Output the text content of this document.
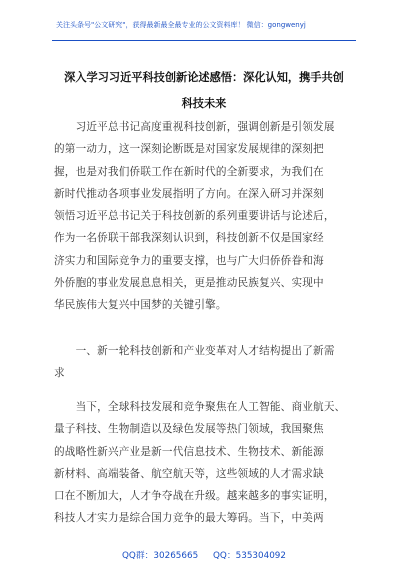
关注头条号"公文研究"，获得最新最全最专业的公文资料库！ 微信：gongwenyj
深入学习习近平科技创新论述感悟：深化认知，携手共创
科技未来
　　习近平总书记高度重视科技创新，强调创新是引领发展
的第一动力，这一深刻论断既是对国家发展规律的深刻把
握，也是对我们侨联工作在新时代的全新要求，为我们在
新时代推动各项事业发展指明了方向。在深入研习并深刻
领悟习近平总书记关于科技创新的系列重要讲话与论述后，
作为一名侨联干部我深刻认识到，科技创新不仅是国家经
济实力和国际竞争力的重要支撑，也与广大归侨侨眷和海
外侨胞的事业发展息息相关，更是推动民族复兴、实现中
华民族伟大复兴中国梦的关键引擎。
　　一、新一轮科技创新和产业变革对人才结构提出了新需
求
　　当下，全球科技发展和竞争聚焦在人工智能、商业航天、
量子科技、生物制造以及绿色发展等热门领域，我国聚焦
的战略性新兴产业是新一代信息技术、生物技术、新能源
新材料、高端装备、航空航天等，这些领域的人才需求缺
口在不断加大，人才争夺战在升级。越来越多的事实证明，
科技人才实力是综合国力竞争的最大筹码。当下，中美两
QQ群：30265665 QQ：535304092
